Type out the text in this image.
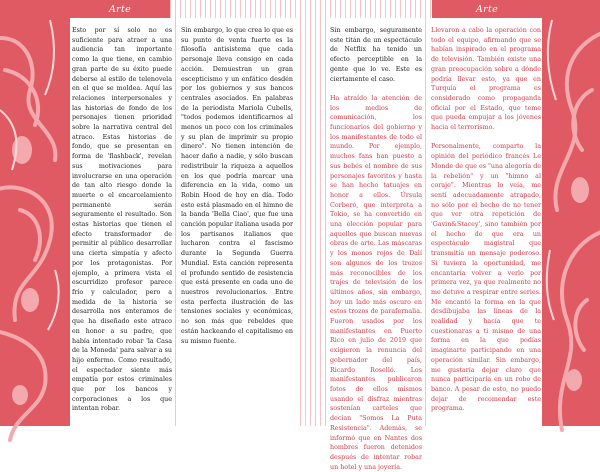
Arte

Esto por sí solo no es suficiente para atraer a una audiencia tan importante como la que tiene, en cambio gran parte de su éxito puede deberse al estilo de telenovela en el que se moldea. Aquí las relaciones interpersonales y las historias de fondo de los personajes tienen prioridad sobre la narrativa central del atraco. Estas historias de fondo, que se presentan en forma de 'flashback', revelan sus motivaciones para involucrarse en una operación de tan alto riesgo donde la muerte o el encarcelamiento permanente serán seguramente el resultado. Son estas historias que tienen el efecto transformador de permitir al público desarrollar una cierta simpatía y afecto por los protagonistas. Por ejemplo, a primera vista el escurridizo profesor parece frío y calculador, pero a medida de la historia se desarrolla nos enteramos de que ha diseñado este atraco en honor a su padre, que había intentado robar 'la Casa de la Moneda' para salvar a su hijo enfermo. Como resultado, el espectador siente más empatía por estos criminales que por los bancos y corporaciones a los que intentan robar.

Sin embargo, lo que crea lo que es su punto de venta fuerte es la filosofía antisistema que cada personaje lleva consigo en cada acción. Demuestran un gran escepticismo y un enfático desdén por los gobiernos y sus bancos centrales asociados. En palabras de la periodista Mariola Cubells, "todos podemos identificarnos al menos un poco con los criminales y su plan de imprimir su propio dinero". No tienen intención de hacer daño a nadie, y sólo buscan redistribuir la riqueza a aquellos en los que podría marcar una diferencia en la vida, como un Robin Hood de hoy en día. Todo esto está plasmado en el himno de la banda 'Bella Ciao', que fue una canción popular italiana usada por los partisanos italianos que lucharon contra el fascismo durante la Segunda Guerra Mundial. Esta canción representa el profundo sentido de resistencia que está presente en cada uno de nuestros revolucionarios. Entre esta perfecta ilustración de las tensiones sociales y económicas, no son más que rebeldes que están hackeando el capitalismo en su mismo fuente.

Arte

Sin embargo, seguramente este titán de un espectáculo de Netflix ha tenido un efecto perceptible en la gente que lo ve. Este es ciertamente el caso.

Ha atraído la atención de los medios de comunicación, los funcionarios del gobierno y los manifestantes de todo el mundo. Por ejemplo, muchos fans han puesto a sus bebés el nombre de sus personajes favoritos y hasta se han hecho tatuajes en honor a ellos. Úrsula Corberó, que interpreta a Tokio, se ha convertido en una elección popular para aquellos que buscan nuevas obras de arte. Las máscaras y los monos rojos de Dalí son algunos de los trozos más reconocibles de los trajes de televisión de los últimos años, sin embargo, hoy un lado más oscuro en estos trozos de parafernalia. Fueron usados por los manifestantes en Puerto Rico en julio de 2019 que exigieron la renuncia del gobernador del país, Ricardo Roselló. Los manifestantes publicaron fotos de ellos mismos usando el disfraz mientras sostenían carteles que decían "Somos La Puta Resistencia". Además, se informó que en Nantes dos hombres fueron detenidos después de intentar robar un hotel y una joyería.

Llevaron a cabo la operación con todo el equipo, afirmando que se habían inspirado en el programa de televisión. También existe una gran preocupación sobre a dónde podría llevar esto, ya que en Turquía el programa es considerado como propaganda oficial por el Estado, que teme que pueda empujar a los jóvenes hacia el terrorismo.

Personalmente, comparto la opinión del periódico francés Le Monde de que es "una alegoría de la rebelión" y un "himno al coraje". Mientras lo veía, me sentí adecuadamente atrapado, no sólo por el hecho de no tener que ver otra repetición de 'Gavin&Stacey', sino también por el hecho de que era un espectáculo magistral que transmitía un mensaje poderoso. Si tuviera la oportunidad, me encantaría volver a verlo por primera vez, ya que realmente no me detuve a respirar entre series. Me encantó la forma en la que desdibujaba las líneas de la realidad y hacía que te cuestionaras a ti mismo de una forma en la que podías imaginarte participando en una operación similar. Sin embargo, me gustaría dejar claro que nunca participaría en un robo de banco. A pesar de esto, no puedo dejar de recomendar este programa.
